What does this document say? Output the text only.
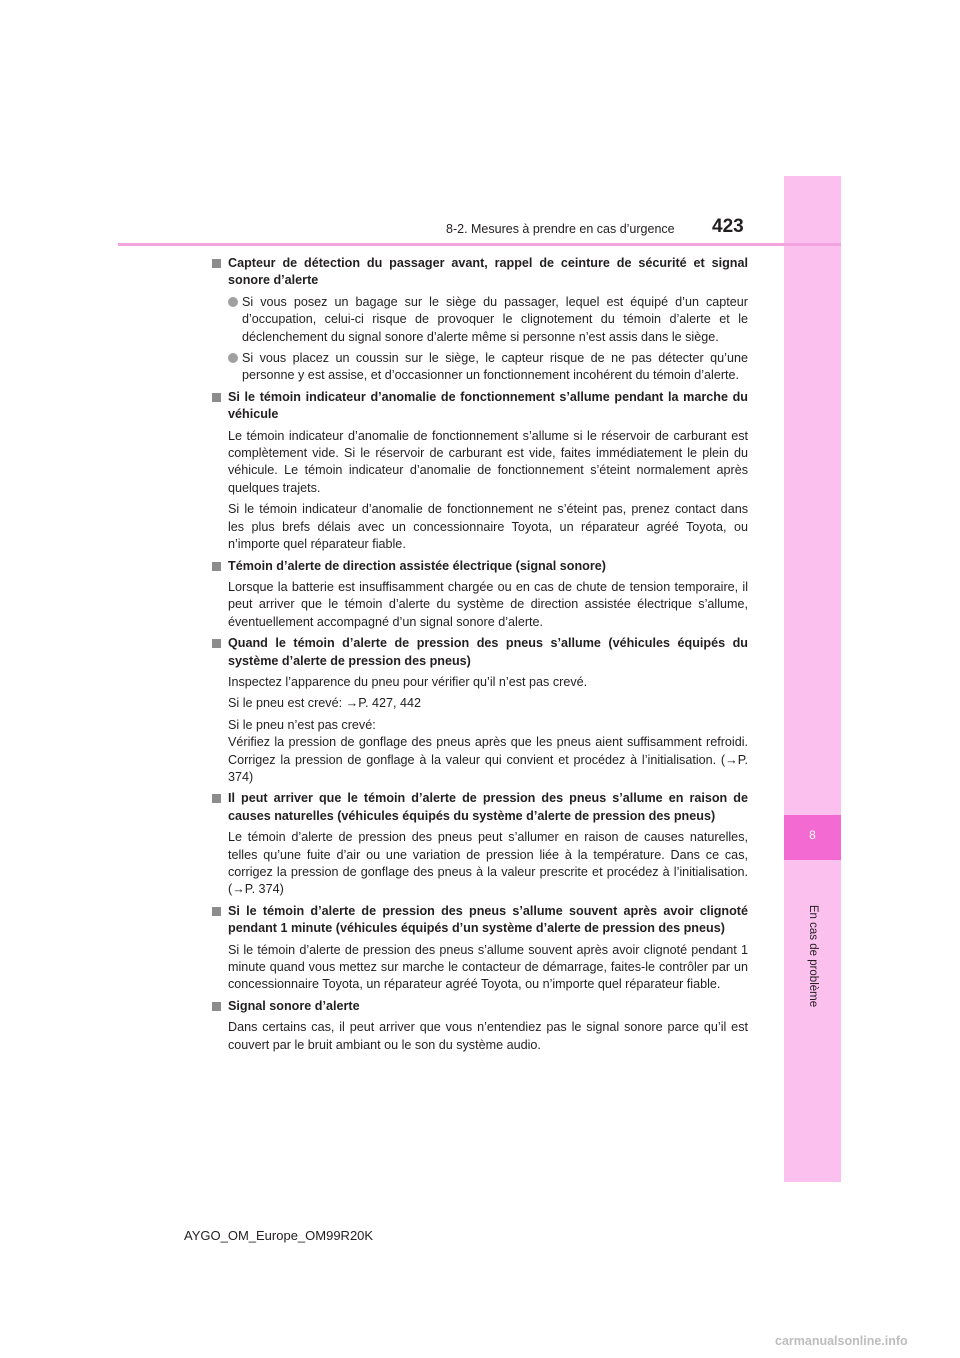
8
En cas de problème
8-2. Mesures à prendre en cas d’urgence 423
Capteur de détection du passager avant, rappel de ceinture de sécurité et signal sonore d’alerte
Si vous posez un bagage sur le siège du passager, lequel est équipé d’un capteur d’occupation, celui-ci risque de provoquer le clignotement du témoin d’alerte et le déclenchement du signal sonore d’alerte même si personne n’est assis dans le siège.
Si vous placez un coussin sur le siège, le capteur risque de ne pas détecter qu’une personne y est assise, et d’occasionner un fonctionnement incohérent du témoin d’alerte.
Si le témoin indicateur d’anomalie de fonctionnement s’allume pendant la marche du véhicule

Le témoin indicateur d’anomalie de fonctionnement s’allume si le réservoir de carburant est complètement vide. Si le réservoir de carburant est vide, faites immédiatement le plein du véhicule. Le témoin indicateur d’anomalie de fonctionnement s’éteint normalement après quelques trajets.

Si le témoin indicateur d’anomalie de fonctionnement ne s’éteint pas, prenez contact dans les plus brefs délais avec un concessionnaire Toyota, un réparateur agréé Toyota, ou n’importe quel réparateur fiable.

Témoin d’alerte de direction assistée électrique (signal sonore)

Lorsque la batterie est insuffisamment chargée ou en cas de chute de tension temporaire, il peut arriver que le témoin d’alerte du système de direction assistée électrique s’allume, éventuellement accompagné d’un signal sonore d’alerte.

Quand le témoin d’alerte de pression des pneus s’allume (véhicules équipés du système d’alerte de pression des pneus)

Inspectez l’apparence du pneu pour vérifier qu’il n’est pas crevé.

Si le pneu est crevé: →P. 427, 442

Si le pneu n’est pas crevé:
Vérifiez la pression de gonflage des pneus après que les pneus aient suffisamment refroidi. Corrigez la pression de gonflage à la valeur qui convient et procédez à l’initialisation. (→P. 374)

Il peut arriver que le témoin d’alerte de pression des pneus s’allume en raison de causes naturelles (véhicules équipés du système d’alerte de pression des pneus)

Le témoin d’alerte de pression des pneus peut s’allumer en raison de causes naturelles, telles qu’une fuite d’air ou une variation de pression liée à la température. Dans ce cas, corrigez la pression de gonflage des pneus à la valeur prescrite et procédez à l’initialisation. (→P. 374)

Si le témoin d’alerte de pression des pneus s’allume souvent après avoir clignoté pendant 1 minute (véhicules équipés d’un système d’alerte de pression des pneus)

Si le témoin d’alerte de pression des pneus s’allume souvent après avoir clignoté pendant 1 minute quand vous mettez sur marche le contacteur de démarrage, faites-le contrôler par un concessionnaire Toyota, un réparateur agréé Toyota, ou n’importe quel réparateur fiable.

Signal sonore d’alerte

Dans certains cas, il peut arriver que vous n’entendiez pas le signal sonore parce qu’il est couvert par le bruit ambiant ou le son du système audio.

AYGO_OM_Europe_OM99R20K
carmanualsonline.info
